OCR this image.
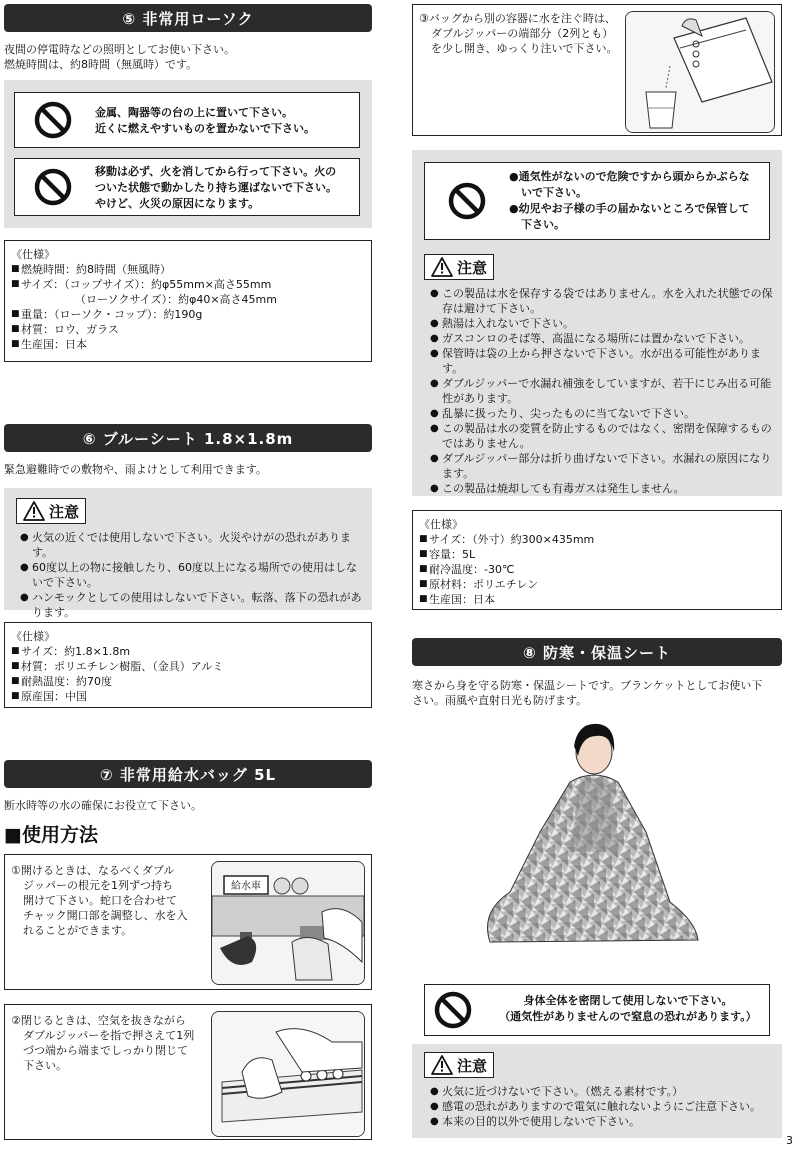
⑤ 非常用ローソク
夜間の停電時などの照明としてお使い下さい。
燃焼時間は、約8時間（無風時）です。
金属、陶器等の台の上に置いて下さい。
近くに燃えやすいものを置かないで下さい。
移動は必ず、火を消してから行って下さい。火の
ついた状態で動かしたり持ち運ばないで下さい。
やけど、火災の原因になります。
《仕様》
■ 燃焼時間：約8時間（無風時）
■ サイズ：（コップサイズ）：約φ55mm×高さ55mm
（ローソクサイズ）：約φ40×高さ45mm
■ 重量：（ローソク・コップ）：約190g
■ 材質：ロウ、ガラス
■ 生産国：日本
⑥ ブルーシート 1.8×1.8m
緊急避難時での敷物や、雨よけとして利用できます。
注意
● 火気の近くでは使用しないで下さい。火災やけがの恐れがあります。
● 60度以上の物に接触したり、60度以上になる場所での使用はしないで下さい。
● ハンモックとしての使用はしないで下さい。転落、落下の恐れがあります。
《仕様》
■ サイズ：約1.8×1.8m
■ 材質：ポリエチレン樹脂、（金具）アルミ
■ 耐熱温度：約70度
■ 原産国：中国
⑦ 非常用給水バッグ 5L
断水時等の水の確保にお役立て下さい。
■使用方法
①開けるときは、なるべくダブル
ジッパーの根元を1列ずつ持ち
開けて下さい。蛇口を合わせて
チャック開口部を調整し、水を入
れることができます。
給水車
②閉じるときは、空気を抜きながら
ダブルジッパーを指で押さえて1列
づつ端から端までしっかり閉じて
下さい。
③バッグから別の容器に水を注ぐ時は、
ダブルジッパーの端部分（2列とも）
を少し開き、ゆっくり注いで下さい。
●通気性がないので危険ですから頭からかぶらな
いで下さい。
●幼児やお子様の手の届かないところで保管して
下さい。
注意
● この製品は水を保存する袋ではありません。水を入れた状態での保存は避けて下さい。
● 熱湯は入れないで下さい。
● ガスコンロのそば等、高温になる場所には置かないで下さい。
● 保管時は袋の上から押さないで下さい。水が出る可能性があります。
● ダブルジッパーで水漏れ補強をしていますが、若干にじみ出る可能性があります。
● 乱暴に扱ったり、尖ったものに当てないで下さい。
● この製品は水の変質を防止するものではなく、密閉を保障するものではありません。
● ダブルジッパー部分は折り曲げないで下さい。水漏れの原因になります。
● この製品は焼却しても有毒ガスは発生しません。
《仕様》
■ サイズ：（外寸）約300×435mm
■ 容量：5L
■ 耐冷温度：-30℃
■ 原材料：ポリエチレン
■ 生産国：日本
⑧ 防寒・保温シート
寒さから身を守る防寒・保温シートです。ブランケットとしてお使い下
さい。雨風や直射日光も防げます。
身体全体を密閉して使用しないで下さい。
（通気性がありませんので窒息の恐れがあります。）
注意
● 火気に近づけないで下さい。（燃える素材です。）
● 感電の恐れがありますので電気に触れないようにご注意下さい。
● 本来の目的以外で使用しないで下さい。
3
